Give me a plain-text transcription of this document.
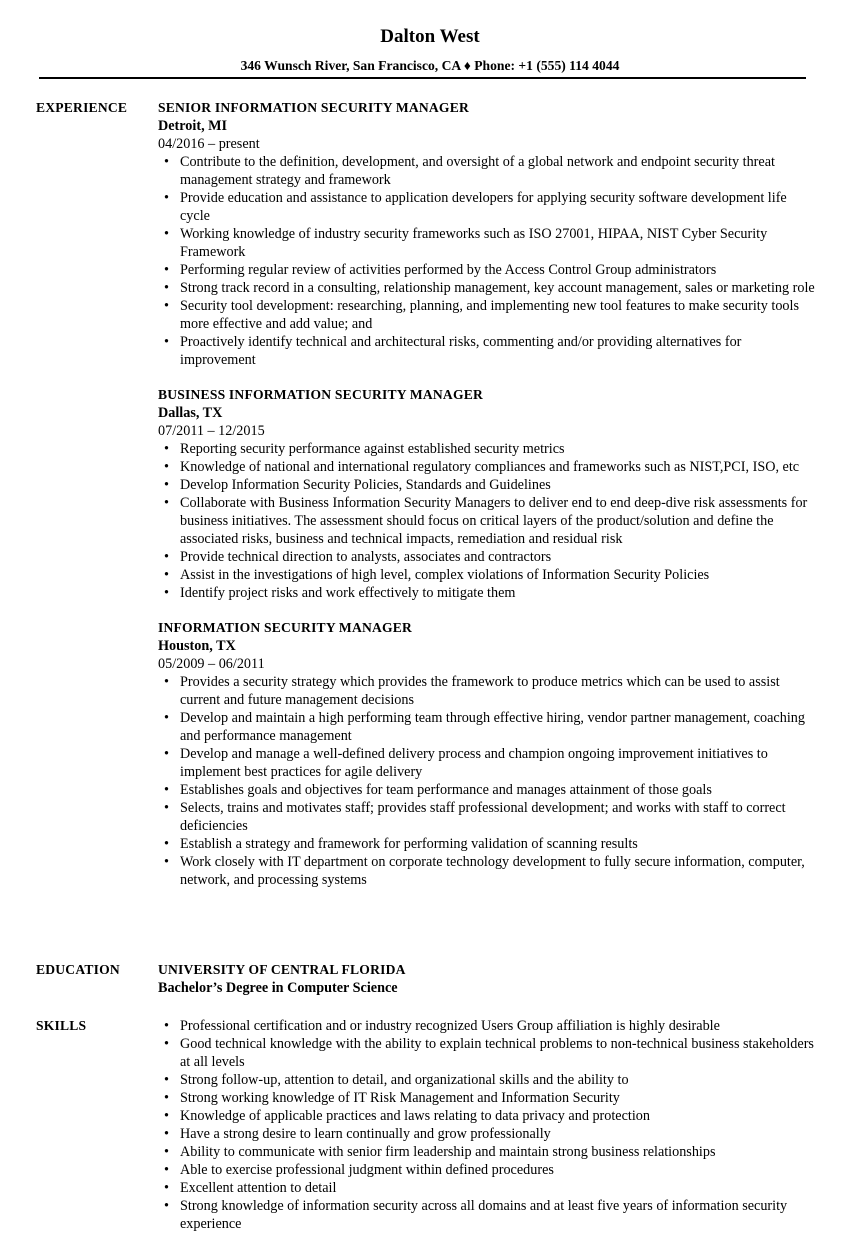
Dalton West
346 Wunsch River, San Francisco, CA ♦ Phone: +1 (555) 114 4044
EXPERIENCE SENIOR INFORMATION SECURITY MANAGER
Detroit, MI
04/2016 – present
• Contribute to the definition, development, and oversight of a global network and endpoint security threat management strategy and framework
• Provide education and assistance to application developers for applying security software development life cycle
• Working knowledge of industry security frameworks such as ISO 27001, HIPAA, NIST Cyber Security Framework
• Performing regular review of activities performed by the Access Control Group administrators
• Strong track record in a consulting, relationship management, key account management, sales or marketing role
• Security tool development: researching, planning, and implementing new tool features to make security tools more effective and add value; and
• Proactively identify technical and architectural risks, commenting and/or providing alternatives for improvement
BUSINESS INFORMATION SECURITY MANAGER
Dallas, TX
07/2011 – 12/2015
• Reporting security performance against established security metrics
• Knowledge of national and international regulatory compliances and frameworks such as NIST,PCI, ISO, etc
• Develop Information Security Policies, Standards and Guidelines
• Collaborate with Business Information Security Managers to deliver end to end deep-dive risk assessments for business initiatives. The assessment should focus on critical layers of the product/solution and define the associated risks, business and technical impacts, remediation and residual risk
• Provide technical direction to analysts, associates and contractors
• Assist in the investigations of high level, complex violations of Information Security Policies
• Identify project risks and work effectively to mitigate them
INFORMATION SECURITY MANAGER
Houston, TX
05/2009 – 06/2011
• Provides a security strategy which provides the framework to produce metrics which can be used to assist current and future management decisions
• Develop and maintain a high performing team through effective hiring, vendor partner management, coaching and performance management
• Develop and manage a well-defined delivery process and champion ongoing improvement initiatives to implement best practices for agile delivery
• Establishes goals and objectives for team performance and manages attainment of those goals
• Selects, trains and motivates staff; provides staff professional development; and works with staff to correct deficiencies
• Establish a strategy and framework for performing validation of scanning results
• Work closely with IT department on corporate technology development to fully secure information, computer, network, and processing systems
EDUCATION	UNIVERSITY OF CENTRAL FLORIDA
Bachelor’s Degree in Computer Science
SKILLS
•	Professional certification and or industry recognized Users Group affiliation is highly desirable
• Good technical knowledge with the ability to explain technical problems to non-technical business stakeholders at all levels
• Strong follow-up, attention to detail, and organizational skills and the ability to
• Strong working knowledge of IT Risk Management and Information Security
• Knowledge of applicable practices and laws relating to data privacy and protection
• Have a strong desire to learn continually and grow professionally
• Ability to communicate with senior firm leadership and maintain strong business relationships
• Able to exercise professional judgment within defined procedures
• Excellent attention to detail
• Strong knowledge of information security across all domains and at least five years of information security experience
